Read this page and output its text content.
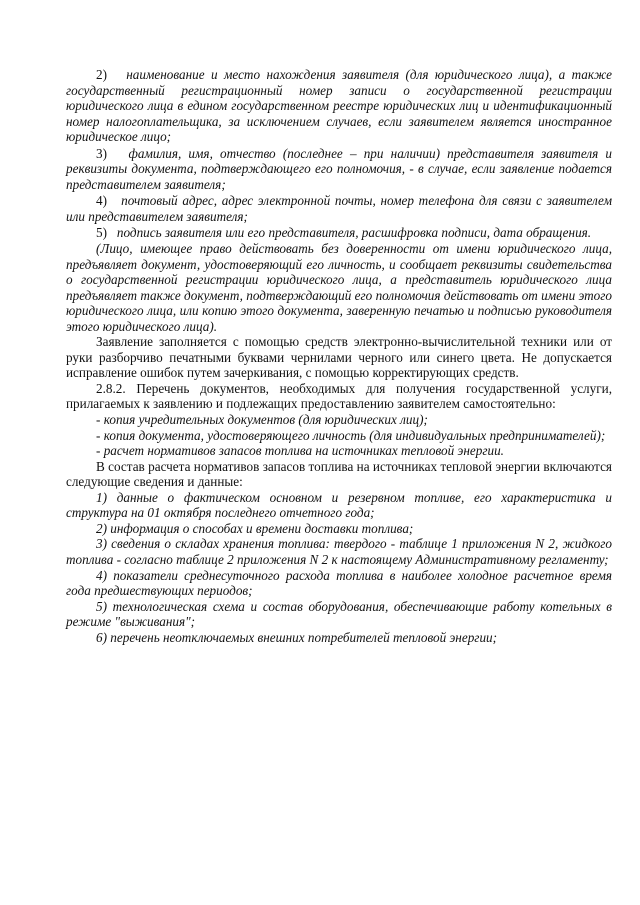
2) наименование и место нахождения заявителя (для юридического лица), а также государственный регистрационный номер записи о государственной регистрации юридического лица в едином государственном реестре юридических лиц и идентификационный номер налогоплательщика, за исключением случаев, если заявителем является иностранное юридическое лицо;

3) фамилия, имя, отчество (последнее – при наличии) представителя заявителя и реквизиты документа, подтверждающего его полномочия, - в случае, если заявление подается представителем заявителя;

4) почтовый адрес, адрес электронной почты, номер телефона для связи с заявителем или представителем заявителя;

5) подпись заявителя или его представителя, расшифровка подписи, дата обращения.

(Лицо, имеющее право действовать без доверенности от имени юридического лица, предъявляет документ, удостоверяющий его личность, и сообщает реквизиты свидетельства о государственной регистрации юридического лица, а представитель юридического лица предъявляет также документ, подтверждающий его полномочия действовать от имени этого юридического лица, или копию этого документа, заверенную печатью и подписью руководителя этого юридического лица).

Заявление заполняется с помощью средств электронно-вычислительной техники или от руки разборчиво печатными буквами чернилами черного или синего цвета. Не допускается исправление ошибок путем зачеркивания, с помощью корректирующих средств.

2.8.2. Перечень документов, необходимых для получения государственной услуги, прилагаемых к заявлению и подлежащих предоставлению заявителем самостоятельно:

- копия учредительных документов (для юридических лиц);

- копия документа, удостоверяющего личность (для индивидуальных предпринимателей);

- расчет нормативов запасов топлива на источниках тепловой энергии.

В состав расчета нормативов запасов топлива на источниках тепловой энергии включаются следующие сведения и данные:

1) данные о фактическом основном и резервном топливе, его характеристика и структура на 01 октября последнего отчетного года;

2) информация о способах и времени доставки топлива;

3) сведения о складах хранения топлива: твердого - таблице 1 приложения N 2, жидкого топлива - согласно таблице 2 приложения N 2 к настоящему Административному регламенту;

4) показатели среднесуточного расхода топлива в наиболее холодное расчетное время года предшествующих периодов;

5) технологическая схема и состав оборудования, обеспечивающие работу котельных в режиме "выживания";

6) перечень неотключаемых внешних потребителей тепловой энергии;
